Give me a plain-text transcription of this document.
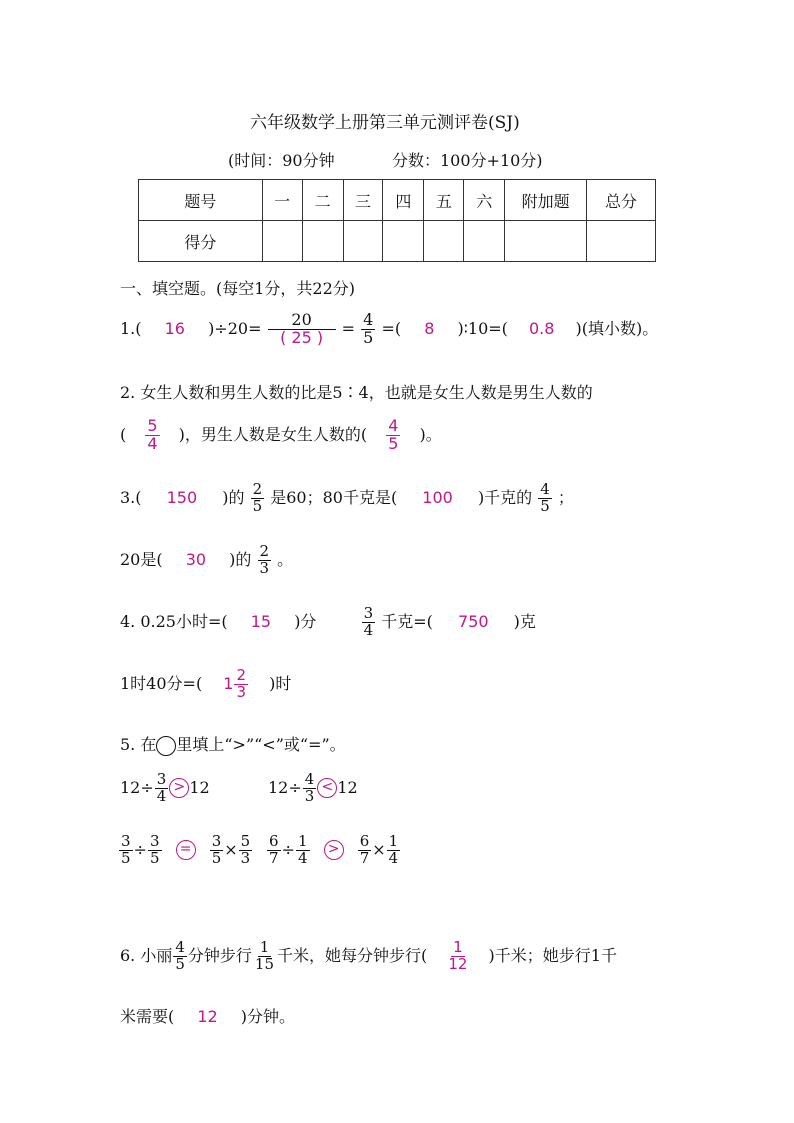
六年级数学上册第三单元测评卷(SJ)
(时间：90分钟	分数：100分+10分)
题号	一	二	三	四	五	六	附加题	总分
得分								
一、填空题。(每空1分，共22分)
1.( 16 )$\div 20= \frac{20}{( 25 )} = \frac{4}{5}$ =( 8 )∶10=( 0.8 )(填小数)。
2. 女生人数和男生人数的比是5∶4，也就是女生人数是男生人数的
( $\frac{5}{4}$ )，男生人数是女生人数的( $\frac{4}{5}$ )。
3.( 150 )的 $\frac{2}{5}$ 是60；80千克是( 100 )千克的 $\frac{4}{5}$ ；
20是( 30 )的 $\frac{2}{3}$ 。
4. 0.25小时=( 15 )分	$\frac{3}{4}$ 千克=( 750 )克
1时40分=( $1 \frac{2}{3}$ )时
5. 在 里填上“>”“<”或“=”。
$12\div \frac{3}{4} > 12$	$12\div \frac{4}{3} < 12$
$\frac{3}{5} \div \frac{3}{5} = \frac{3}{5} \times \frac{5}{3} \frac{6}{7} \div \frac{1}{4} > \frac{6}{7} \times \frac{1}{4}$
6. 小丽 $\frac{4}{5}$ 分钟步行 $\frac{1}{15}$ 千米，她每分钟步行( $\frac{1}{12}$ )千米；她步行1千
米需要( 12 )分钟。
